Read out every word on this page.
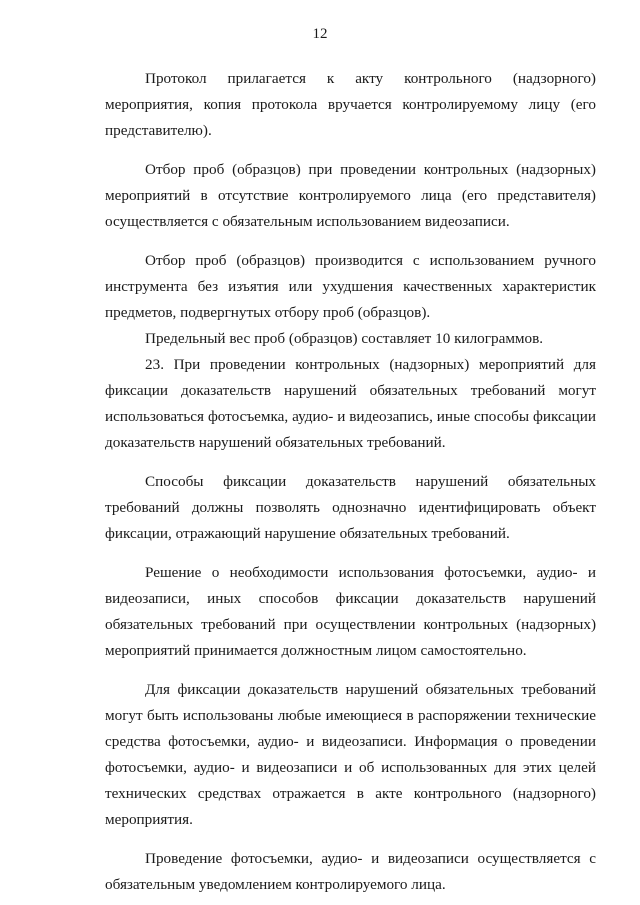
12

Протокол прилагается к акту контрольного (надзорного) мероприятия, копия протокола вручается контролируемому лицу (его представителю).

Отбор проб (образцов) при проведении контрольных (надзорных) мероприятий в отсутствие контролируемого лица (его представителя) осуществляется с обязательным использованием видеозаписи.

Отбор проб (образцов) производится с использованием ручного инструмента без изъятия или ухудшения качественных характеристик предметов, подвергнутых отбору проб (образцов).

Предельный вес проб (образцов) составляет 10 килограммов.

23. При проведении контрольных (надзорных) мероприятий для фиксации доказательств нарушений обязательных требований могут использоваться фотосъемка, аудио- и видеозапись, иные способы фиксации доказательств нарушений обязательных требований.

Способы фиксации доказательств нарушений обязательных требований должны позволять однозначно идентифицировать объект фиксации, отражающий нарушение обязательных требований.

Решение о необходимости использования фотосъемки, аудио- и видеозаписи, иных способов фиксации доказательств нарушений обязательных требований при осуществлении контрольных (надзорных) мероприятий принимается должностным лицом самостоятельно.

Для фиксации доказательств нарушений обязательных требований могут быть использованы любые имеющиеся в распоряжении технические средства фотосъемки, аудио- и видеозаписи. Информация о проведении фотосъемки, аудио- и видеозаписи и об использованных для этих целей технических средствах отражается в акте контрольного (надзорного) мероприятия.

Проведение фотосъемки, аудио- и видеозаписи осуществляется с обязательным уведомлением контролируемого лица.
